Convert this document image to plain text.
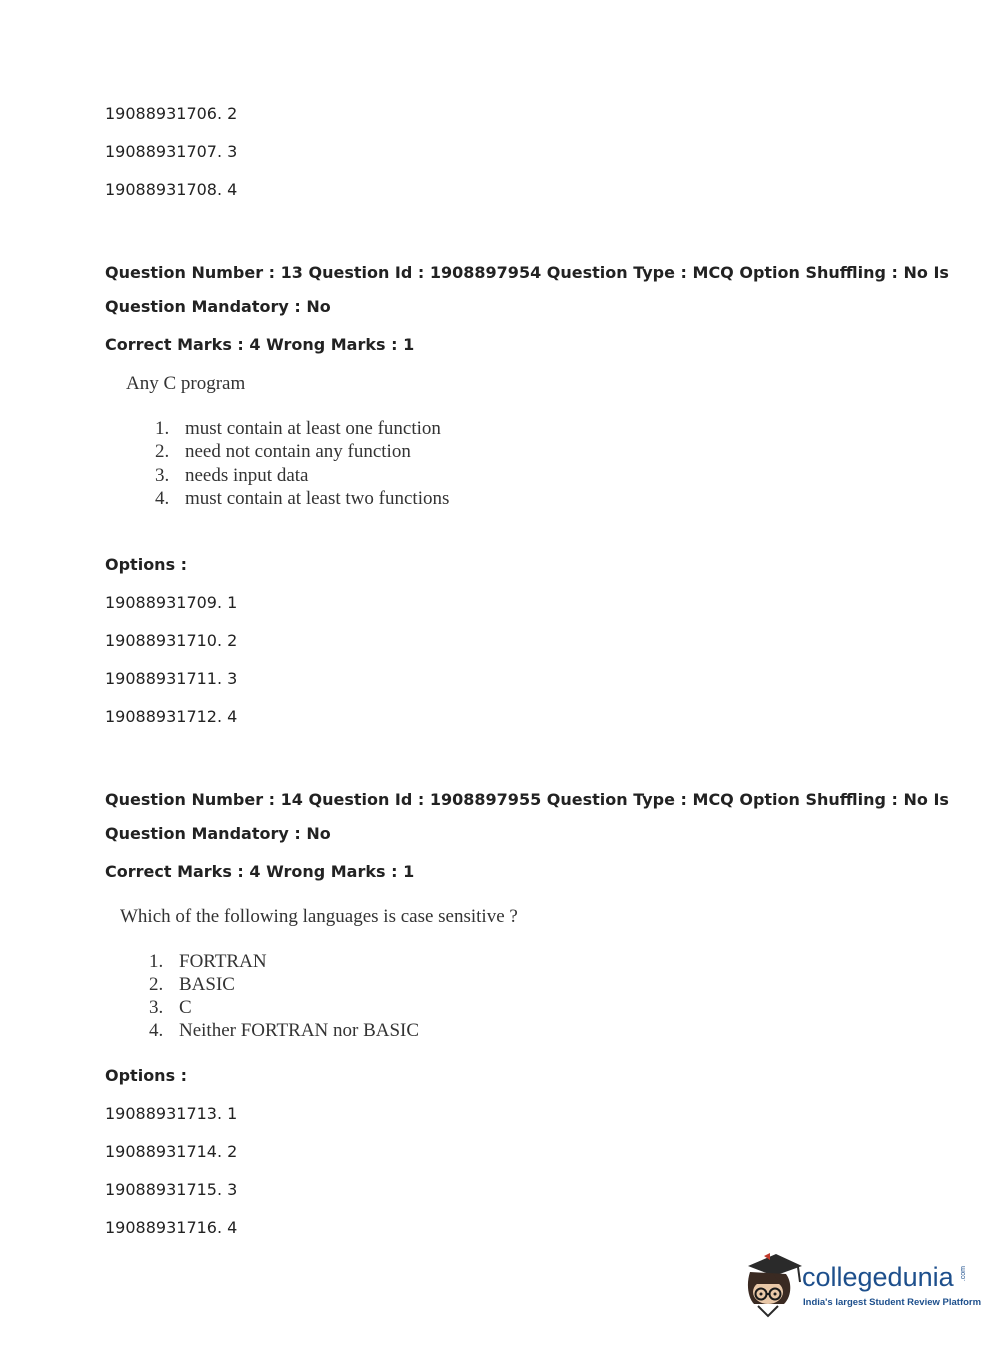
19088931706. 2
19088931707. 3
19088931708. 4
Question Number : 13 Question Id : 1908897954 Question Type : MCQ Option Shuffling : No Is
Question Mandatory : No
Correct Marks : 4 Wrong Marks : 1
Any C program
1. must contain at least one function
2. need not contain any function
3. needs input data
4. must contain at least two functions
Options :
19088931709. 1
19088931710. 2
19088931711. 3
19088931712. 4
Question Number : 14 Question Id : 1908897955 Question Type : MCQ Option Shuffling : No Is
Question Mandatory : No
Correct Marks : 4 Wrong Marks : 1
Which of the following languages is case sensitive ?
1. FORTRAN
2. BASIC
3. C
4. Neither FORTRAN nor BASIC
Options :
19088931713. 1
19088931714. 2
19088931715. 3
19088931716. 4
collegedunia .com
India's largest Student Review Platform
